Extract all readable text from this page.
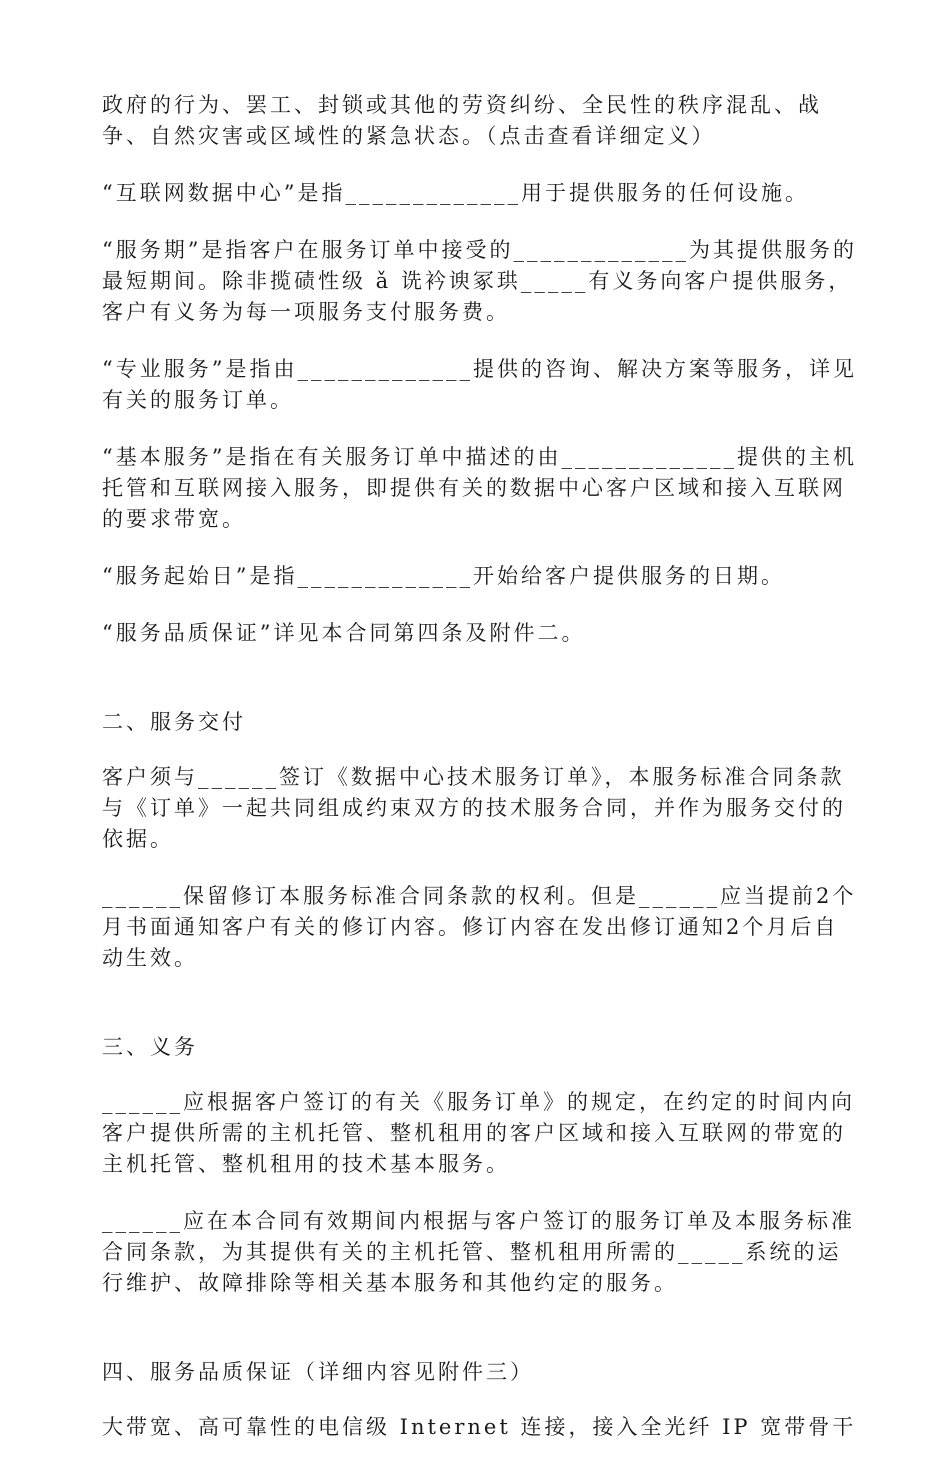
政府的行为、罢工、封锁或其他的劳资纠纷、全民性的秩序混乱、战争、自然灾害或区域性的紧急状态。（点击查看详细定义）

“互联网数据中心”是指_____________用于提供服务的任何设施。

“服务期”是指客户在服务订单中接受的_____________为其提供服务的最短期间。除非揽碛性级 ǎ 诜衿谀冢珙_____有义务向客户提供服务，客户有义务为每一项服务支付服务费。

“专业服务”是指由_____________提供的咨询、解决方案等服务，详见有关的服务订单。

“基本服务”是指在有关服务订单中描述的由_____________提供的主机托管和互联网接入服务，即提供有关的数据中心客户区域和接入互联网的要求带宽。

“服务起始日”是指_____________开始给客户提供服务的日期。

“服务品质保证”详见本合同第四条及附件二。

二、服务交付

客户须与______签订《数据中心技术服务订单》，本服务标准合同条款与《订单》一起共同组成约束双方的技术服务合同，并作为服务交付的依据。

______保留修订本服务标准合同条款的权利。但是______应当提前2个月书面通知客户有关的修订内容。修订内容在发出修订通知2个月后自动生效。

三、义务

______应根据客户签订的有关《服务订单》的规定，在约定的时间内向客户提供所需的主机托管、整机租用的客户区域和接入互联网的带宽的主机托管、整机租用的技术基本服务。

______应在本合同有效期间内根据与客户签订的服务订单及本服务标准合同条款，为其提供有关的主机托管、整机租用所需的_____系统的运行维护、故障排除等相关基本服务和其他约定的服务。

四、服务品质保证（详细内容见附件三）

大带宽、高可靠性的电信级 Internet 连接，接入全光纤 IP 宽带骨干
